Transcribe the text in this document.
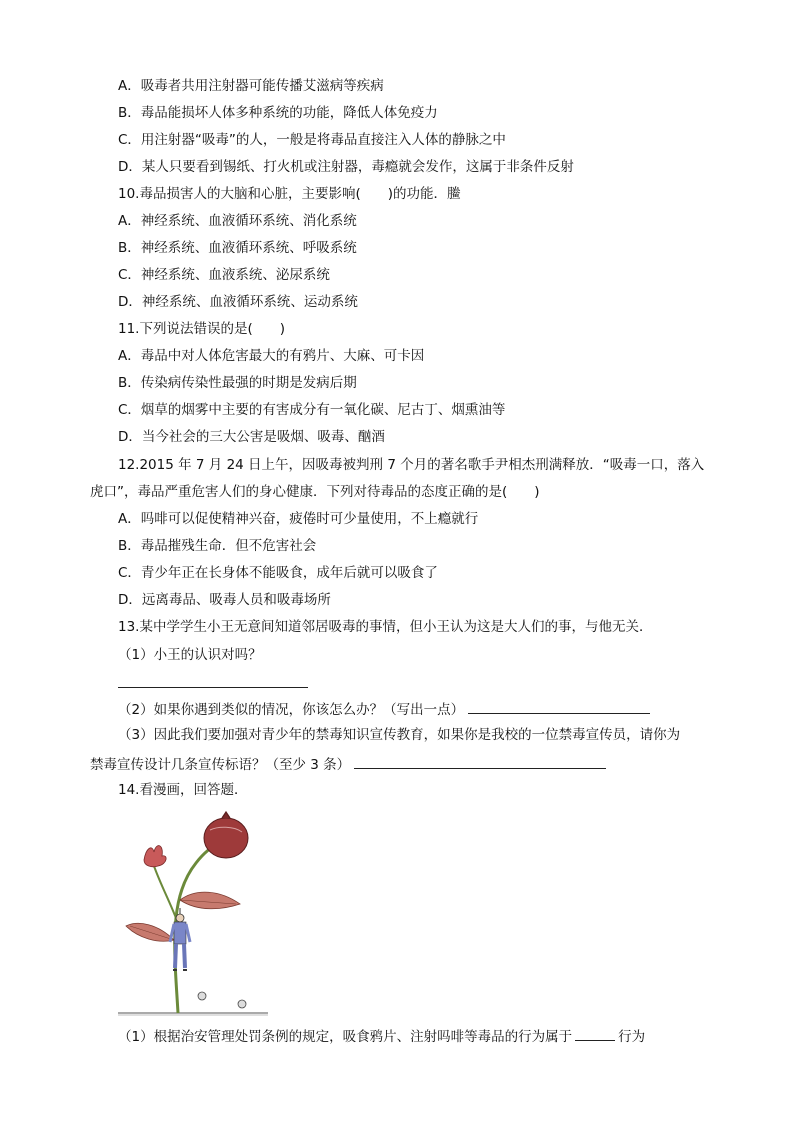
A．吸毒者共用注射器可能传播艾滋病等疾病
B．毒品能损坏人体多种系统的功能，降低人体免疫力
C．用注射器“吸毒”的人，一般是将毒品直接注入人体的静脉之中
D．某人只要看到锡纸、打火机或注射器，毒瘾就会发作，这属于非条件反射
10.毒品损害人的大脑和心脏，主要影响(　　)的功能．䲢
A．神经系统、血液循环系统、消化系统
B．神经系统、血液循环系统、呼吸系统
C．神经系统、血液系统、泌尿系统
D．神经系统、血液循环系统、运动系统
11.下列说法错误的是(　　)
A．毒品中对人体危害最大的有鸦片、大麻、可卡因
B．传染病传染性最强的时期是发病后期
C．烟草的烟雾中主要的有害成分有一氧化碳、尼古丁、烟熏油等
D．当今社会的三大公害是吸烟、吸毒、酗酒
12.2015 年 7 月 24 日上午，因吸毒被判刑 7 个月的著名歌手尹相杰刑满释放．“吸毒一口，落入
虎口”，毒品严重危害人们的身心健康．下列对待毒品的态度正确的是(　　)
A．吗啡可以促使精神兴奋，疲倦时可少量使用，不上瘾就行
B．毒品摧残生命．但不危害社会
C．青少年正在长身体不能吸食，成年后就可以吸食了
D．远离毒品、吸毒人员和吸毒场所
13.某中学学生小王无意间知道邻居吸毒的事情，但小王认为这是大人们的事，与他无关．
（1）小王的认识对吗？
（2）如果你遇到类似的情况，你该怎么办？（写出一点）
（3）因此我们要加强对青少年的禁毒知识宣传教育，如果你是我校的一位禁毒宣传员，请你为
禁毒宣传设计几条宣传标语？（至少 3 条）
14.看漫画，回答题．
（1）根据治安管理处罚条例的规定，吸食鸦片、注射吗啡等毒品的行为属于	行为
